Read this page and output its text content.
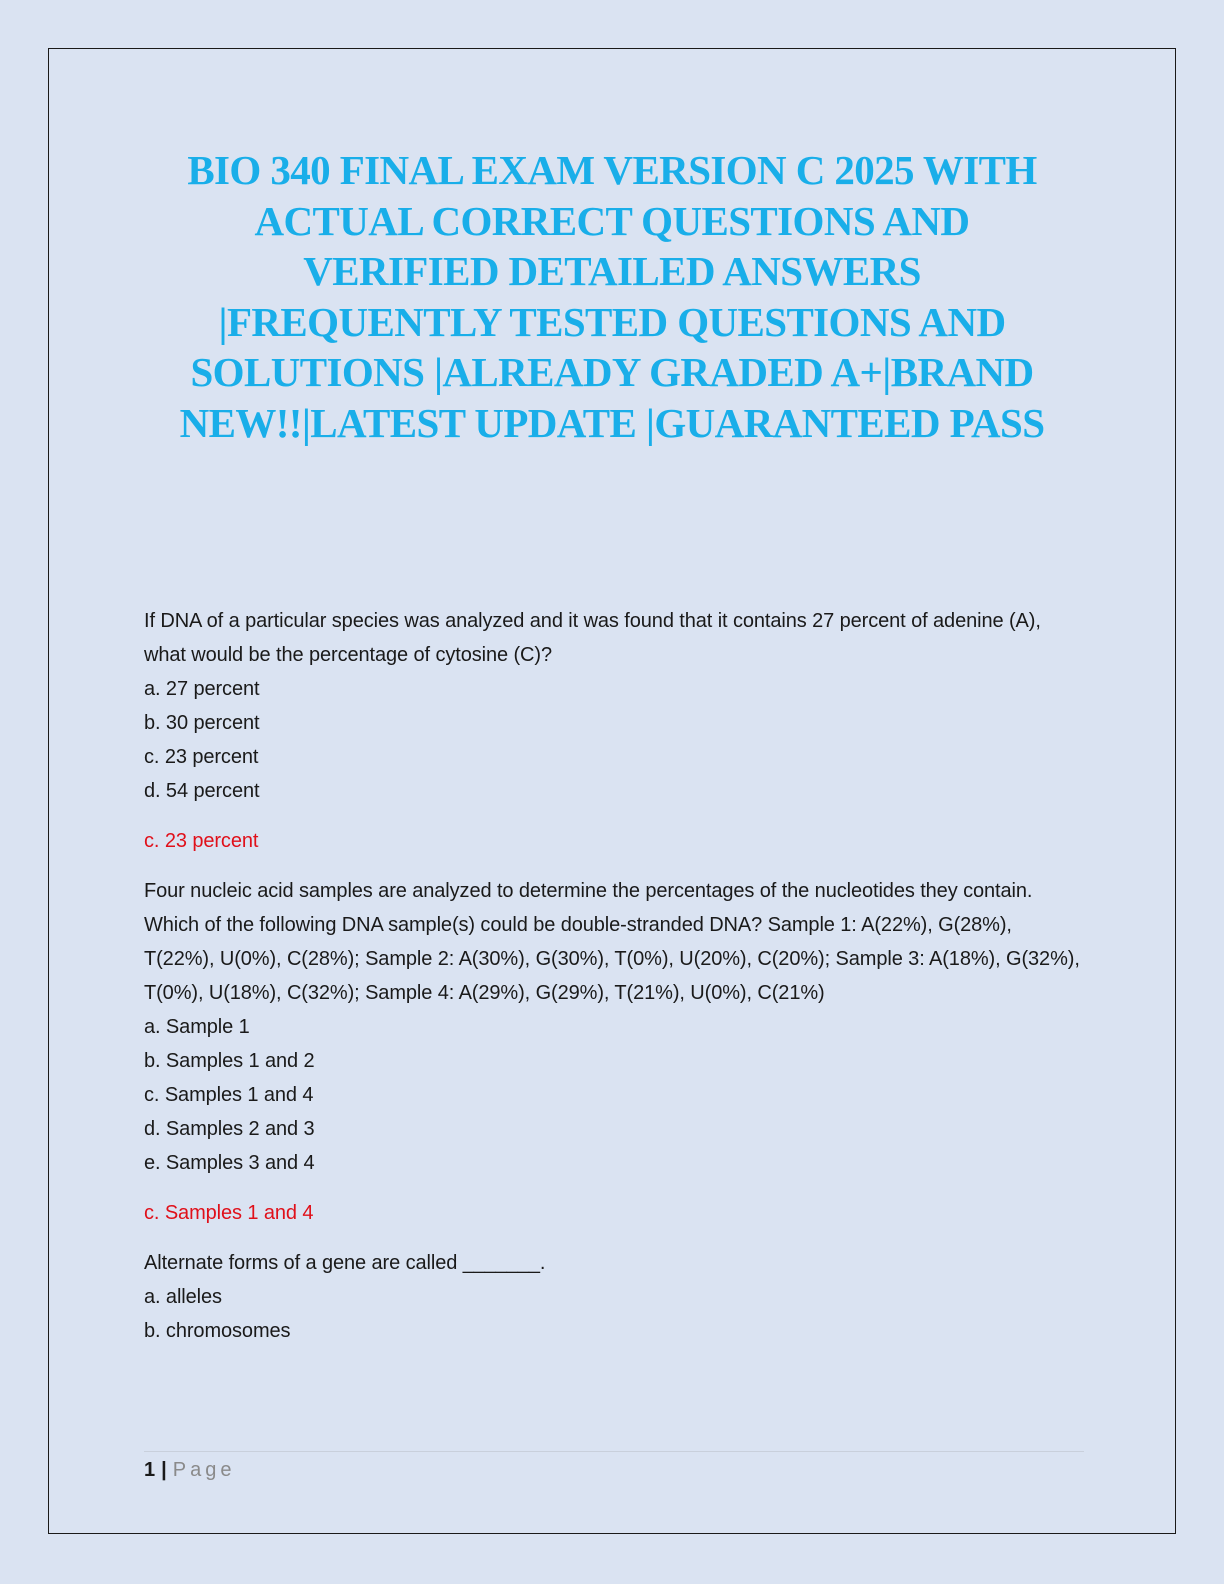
BIO 340 FINAL EXAM VERSION C 2025 WITH
ACTUAL CORRECT QUESTIONS AND
VERIFIED DETAILED ANSWERS
|FREQUENTLY TESTED QUESTIONS AND
SOLUTIONS |ALREADY GRADED A+|BRAND
NEW!!|LATEST UPDATE |GUARANTEED PASS

If DNA of a particular species was analyzed and it was found that it contains 27 percent of adenine (A), what would be the percentage of cytosine (C)?

a. 27 percent

b. 30 percent

c. 23 percent

d. 54 percent

c. 23 percent

Four nucleic acid samples are analyzed to determine the percentages of the nucleotides they contain. Which of the following DNA sample(s) could be double-stranded DNA? Sample 1: A(22%), G(28%), T(22%), U(0%), C(28%); Sample 2: A(30%), G(30%), T(0%), U(20%), C(20%); Sample 3: A(18%), G(32%), T(0%), U(18%), C(32%); Sample 4: A(29%), G(29%), T(21%), U(0%), C(21%)

a. Sample 1

b. Samples 1 and 2

c. Samples 1 and 4

d. Samples 2 and 3

e. Samples 3 and 4

c. Samples 1 and 4

Alternate forms of a gene are called _______.

a. alleles

b. chromosomes

1 | Page
